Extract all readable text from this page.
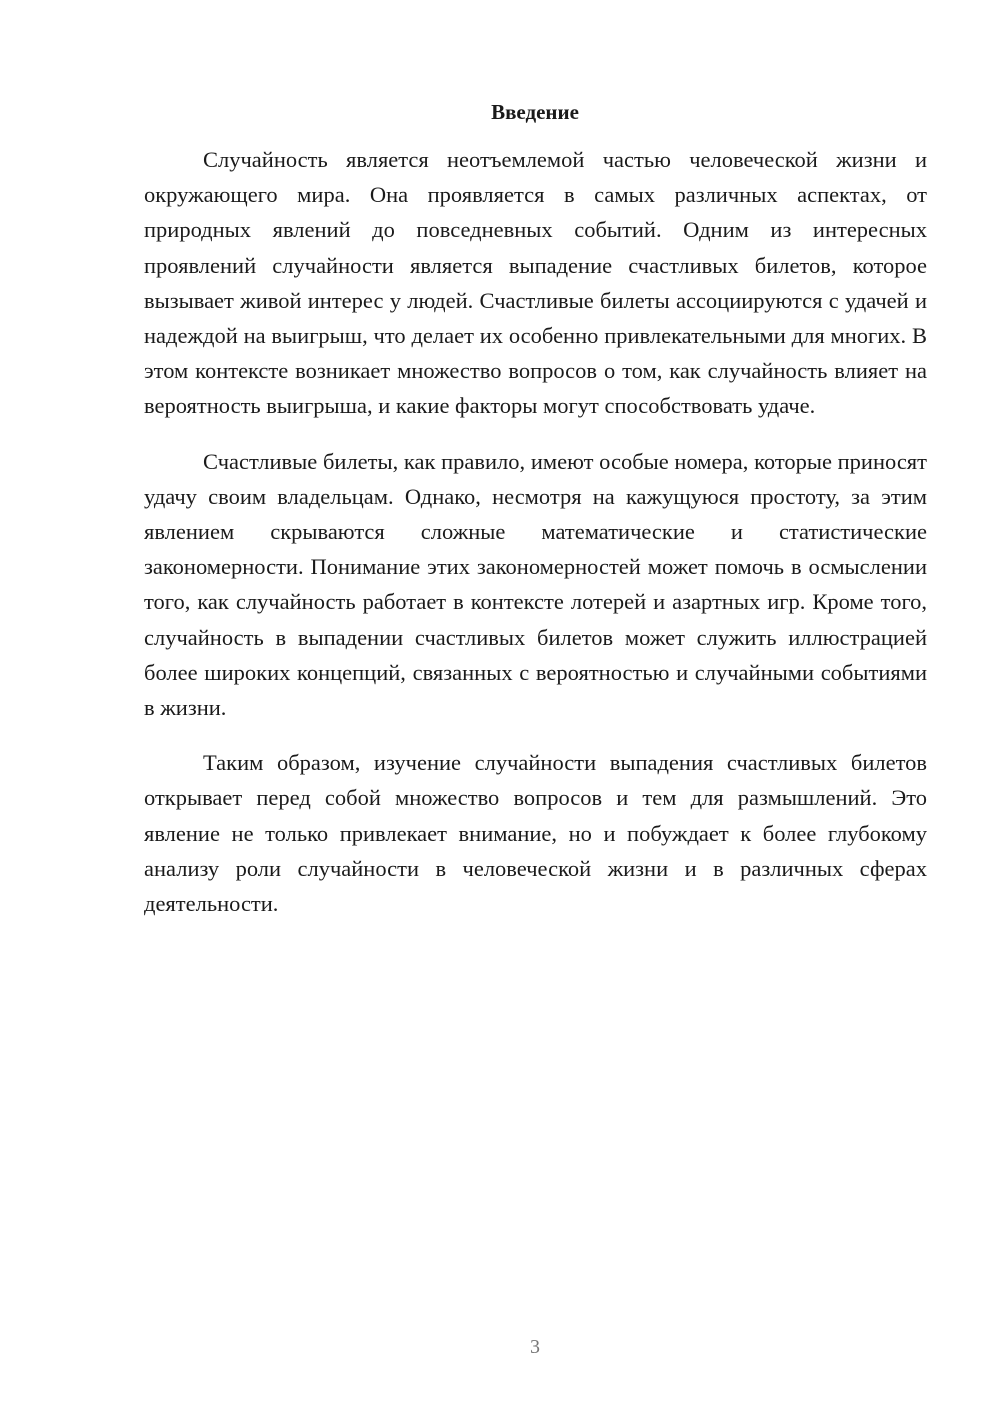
Введение

Случайность является неотъемлемой частью человеческой жизни и окружающего мира. Она проявляется в самых различных аспектах, от природных явлений до повседневных событий. Одним из интересных проявлений случайности является выпадение счастливых билетов, которое вызывает живой интерес у людей. Счастливые билеты ассоциируются с удачей и надеждой на выигрыш, что делает их особенно привлекательными для многих. В этом контексте возникает множество вопросов о том, как случайность влияет на вероятность выигрыша, и какие факторы могут способствовать удаче.

Счастливые билеты, как правило, имеют особые номера, которые приносят удачу своим владельцам. Однако, несмотря на кажущуюся простоту, за этим явлением скрываются сложные математические и статистические закономерности. Понимание этих закономерностей может помочь в осмыслении того, как случайность работает в контексте лотерей и азартных игр. Кроме того, случайность в выпадении счастливых билетов может служить иллюстрацией более широких концепций, связанных с вероятностью и случайными событиями в жизни.

Таким образом, изучение случайности выпадения счастливых билетов открывает перед собой множество вопросов и тем для размышлений. Это явление не только привлекает внимание, но и побуждает к более глубокому анализу роли случайности в человеческой жизни и в различных сферах деятельности.

3
